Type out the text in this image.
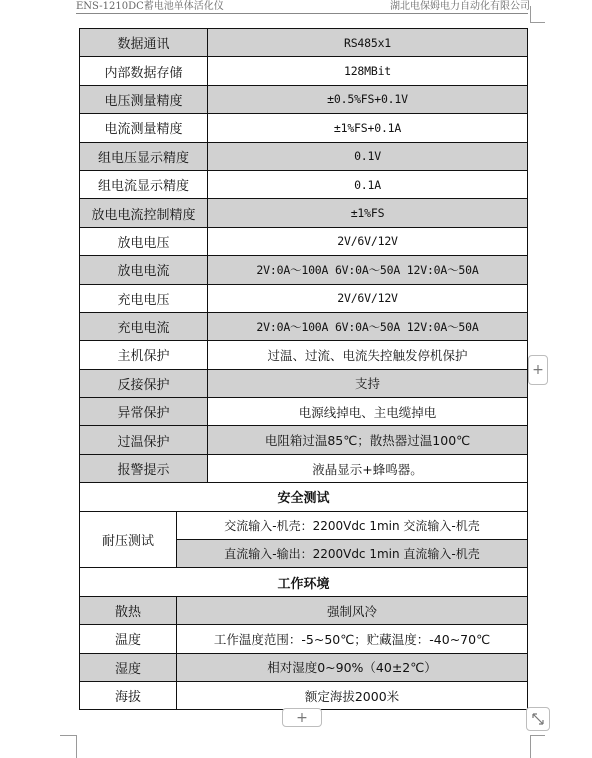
ENS-1210DC蓄电池单体活化仪	湖北电保姆电力自动化有限公司
数据通讯		RS485x1
内部数据存储		128MBit
电压测量精度		±0.5%FS+0.1V
电流测量精度		±1%FS+0.1A
组电压显示精度		0.1V
组电流显示精度		0.1A
放电电流控制精度		±1%FS
放电电压		2V/6V/12V
放电电流		2V:0A～100A 6V:0A～50A 12V:0A～50A
充电电压		2V/6V/12V
充电电流		2V:0A～100A 6V:0A～50A 12V:0A～50A
主机保护		过温、过流、电流失控触发停机保护
反接保护		支持
异常保护		电源线掉电、主电缆掉电
过温保护		电阻箱过温85℃；散热器过温100℃
报警提示		液晶显示+蜂鸣器。
安全测试		
耐压测试	交流输入-机壳：2200Vdc 1min 交流输入-机壳	
	直流输入-输出：2200Vdc 1min 直流输入-机壳	
工作环境		
散热	强制风冷	
温度	工作温度范围：-5~50℃；贮藏温度：-40~70℃	
湿度	相对湿度0~90%（40±2℃）	
海拔	额定海拔2000米	
+
+
